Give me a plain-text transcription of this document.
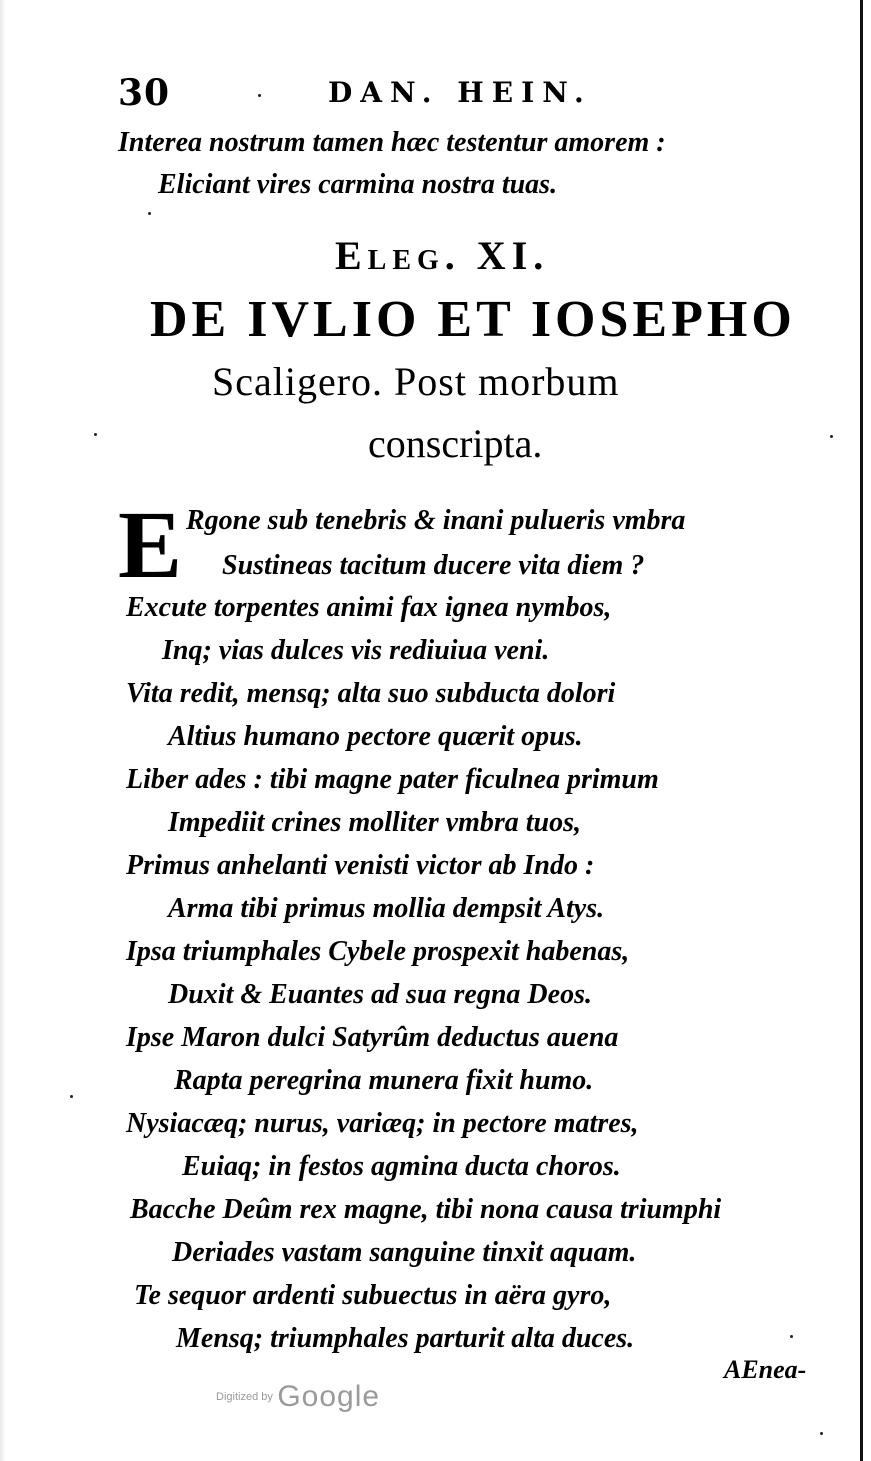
30	DAN. HEIN.
Interea nostrum tamen hæc testentur amorem :
Eliciant vires carmina nostra tuas.
Eleg. XI.
DE IVLIO ET IOSEPHO
Scaligero. Post morbum
conscripta.
E Rgone sub tenebris & inani pulueris vmbra
Sustineas tacitum ducere vita diem ?
Excute torpentes animi fax ignea nymbos,
Inq; vias dulces vis rediuiua veni.
Vita redit, mensq; alta suo subducta dolori
Altius humano pectore quærit opus.
Liber ades : tibi magne pater ficulnea primum
Impediit crines molliter vmbra tuos,
Primus anhelanti venisti victor ab Indo :
Arma tibi primus mollia dempsit Atys.
Ipsa triumphales Cybele prospexit habenas,
Duxit & Euantes ad sua regna Deos.
Ipse Maron dulci Satyrûm deductus auena
Rapta peregrina munera fixit humo.
Nysiacæq; nurus, variæq; in pectore matres,
Euiaq; in festos agmina ducta choros.
Bacche Deûm rex magne, tibi nona causa triumphi
Deriades vastam sanguine tinxit aquam.
Te sequor ardenti subuectus in aëra gyro,
Mensq; triumphales parturit alta duces.
AEnea-
Digitized by Google
